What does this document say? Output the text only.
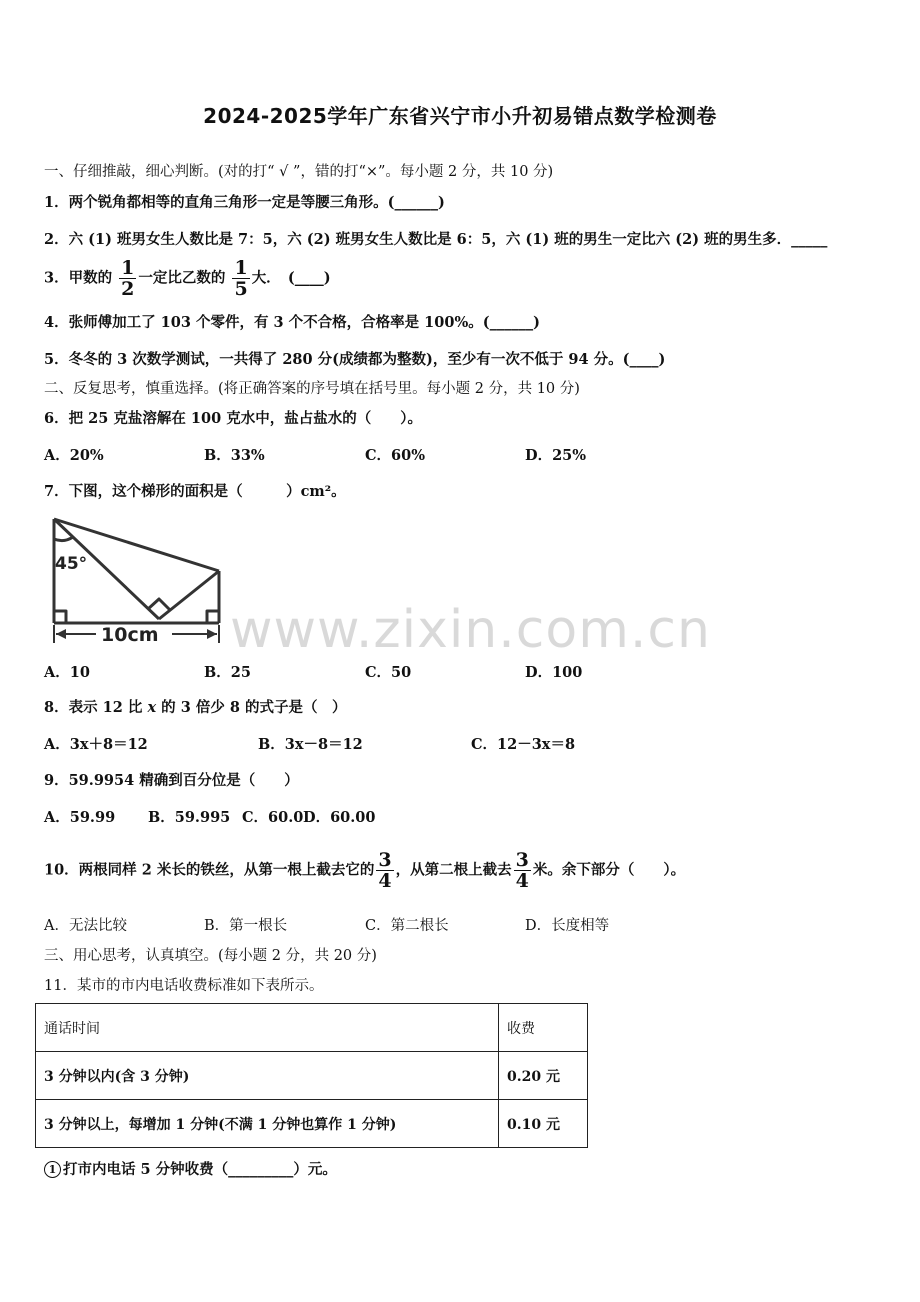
2024-2025学年广东省兴宁市小升初易错点数学检测卷
一、仔细推敲，细心判断。(对的打“ √ ”，错的打“×”。每小题 2 分，共 10 分)
1．两个锐角都相等的直角三角形一定是等腰三角形。(______)
2．六 (1) 班男女生人数比是 7：5，六 (2) 班男女生人数比是 6：5，六 (1) 班的男生一定比六 (2) 班的男生多．_____
3．甲数的 $\frac{1}{2}$ 一定比乙数的 $\frac{1}{5}$ 大．　(____)
4．张师傅加工了 103 个零件，有 3 个不合格，合格率是 100%。(______)
5．冬冬的 3 次数学测试，一共得了 280 分(成绩都为整数)，至少有一次不低于 94 分。(____)
二、反复思考，慎重选择。(将正确答案的序号填在括号里。每小题 2 分，共 10 分)
6．把 25 克盐溶解在 100 克水中，盐占盐水的（　　）。
A．20%	B．33%	C．60%	D．25%
7．下图，这个梯形的面积是（　　　）cm²。
45°
10cm www.zixin.com.cn
A．10	B．25	C．50	D．100
8．表示 12 比 x 的 3 倍少 8 的式子是（　）
A．3x＋8＝12	B．3x－8＝12	C．12－3x＝8
9．59.9954 精确到百分位是（　　）
A．59.99 B．59.995 C．60.0 D．60.00
10．两根同样 2 米长的铁丝，从第一根上截去它的 $\frac{3}{4}$ ，从第二根上截去 $\frac{3}{4}$ 米。余下部分（　　）。
A．无法比较	B．第一根长	C．第二根长	D．长度相等
三、用心思考，认真填空。(每小题 2 分，共 20 分)
11．某市的市内电话收费标准如下表所示。
通话时间	收费
3 分钟以内(含 3 分钟)	0.20 元
3 分钟以上，每增加 1 分钟(不满 1 分钟也算作 1 分钟)	0.10 元
1 打市内电话 5 分钟收费（_________）元。
